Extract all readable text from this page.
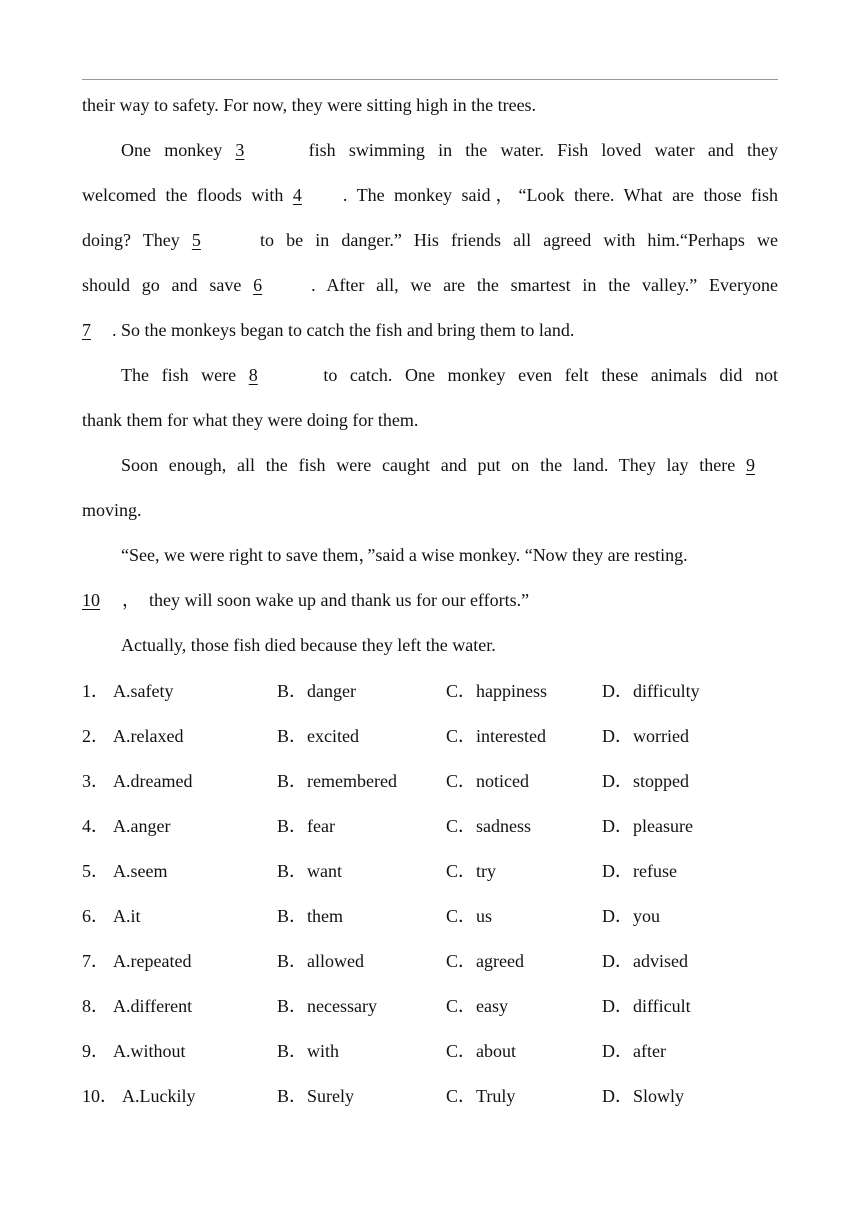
their way to safety. For now, they were sitting high in the trees.
One monkey 3	fish swimming in the water. Fish loved water and they
welcomed the floods with 4 . The monkey said，“Look there. What are those fish
doing? They 5	to be in danger.” His friends all agreed with him.“Perhaps we
should go and save 6	. After all, we are the smartest in the valley.” Everyone
7 . So the monkeys began to catch the fish and bring them to land.
The fish were 8	to catch. One monkey even felt these animals did not
thank them for what they were doing for them.
Soon enough, all the fish were caught and put on the land. They lay there 9
moving.
“See, we were right to save them，”said a wise monkey. “Now they are resting.
10 ，  they will soon wake up and thank us for our efforts.”
Actually, those fish died because they left the water.
1． A.safety	B．danger	C．happiness	D．difficulty
2． A.relaxed	B．excited	C．interested	D．worried
3． A.dreamed	B．remembered	C．noticed	D．stopped
4． A.anger	B．fear	C．sadness	D．pleasure
5． A.seem	B．want	C．try	D．refuse
6． A.it	B．them	C．us	D．you
7． A.repeated	B．allowed	C．agreed	D．advised
8． A.different	B．necessary	C．easy	D．difficult
9． A.without	B．with	C．about	D．after
10． A.Luckily	B．Surely	C．Truly	D．Slowly
